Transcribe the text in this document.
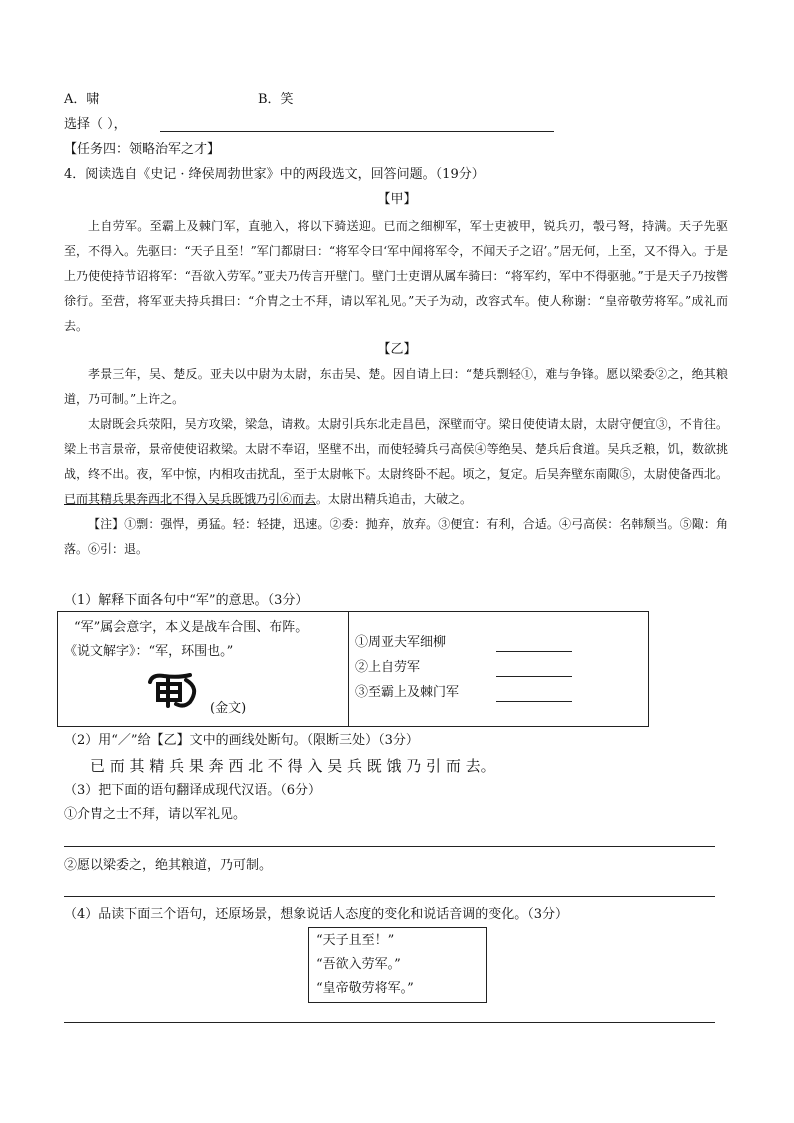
A．啸	B．笑
选择（ ），
【任务四：领略治军之才】
4．阅读选自《史记 · 绛侯周勃世家》中的两段选文，回答问题。（19分）
【甲】

上自劳军。至霸上及棘门军，直驰入，将以下骑送迎。已而之细柳军，军士吏被甲，锐兵刃，彀弓弩，持满。天子先驱至，不得入。先驱曰：“天子且至！”军门都尉曰：“将军令曰‘军中闻将军令，不闻天子之诏’。”居无何，上至，又不得入。于是上乃使使持节诏将军：“吾欲入劳军。”亚夫乃传言开壁门。壁门士吏谓从属车骑曰：“将军约，军中不得驱驰。”于是天子乃按辔徐行。至营，将军亚夫持兵揖曰：“介胄之士不拜，请以军礼见。”天子为动，改容式车。使人称谢：“皇帝敬劳将军。”成礼而去。

【乙】

孝景三年，吴、楚反。亚夫以中尉为太尉，东击吴、楚。因自请上曰：“楚兵剽轻①，难与争锋。愿以梁委②之，绝其粮道，乃可制。”上许之。

太尉既会兵荥阳，吴方攻梁，梁急，请救。太尉引兵东北走昌邑，深壁而守。梁日使使请太尉，太尉守便宜③，不肯往。梁上书言景帝，景帝使使诏救梁。太尉不奉诏，坚壁不出，而使轻骑兵弓高侯④等绝吴、楚兵后食道。吴兵乏粮，饥，数欲挑战，终不出。夜，军中惊，内相攻击扰乱，至于太尉帐下。太尉终卧不起。顷之，复定。后吴奔壁东南陬⑤，太尉使备西北。已而其精兵果奔西北不得入吴兵既饿乃引⑥而去。太尉出精兵追击，大破之。

【注】①剽：强悍，勇猛。轻：轻捷，迅速。②委：抛弃，放弃。③便宜：有利，合适。④弓高侯：名韩颓当。⑤陬：角落。⑥引：退。

（1）解释下面各句中“军”的意思。（3分）
“军”属会意字，本义是战车合围、布阵。
《说文解字》：“军，环围也。”
(金文)
①周亚夫军细柳
②上自劳军
③至霸上及棘门军
（2）用“／”给【乙】文中的画线处断句。（限断三处）（3分）
已 而 其 精 兵 果 奔 西 北 不 得 入 吴 兵 既 饿 乃 引 而 去。
（3）把下面的语句翻译成现代汉语。（6分）
①介胄之士不拜，请以军礼见。
②愿以梁委之，绝其粮道，乃可制。
（4）品读下面三个语句，还原场景，想象说话人态度的变化和说话音调的变化。（3分）
“天子且至！”
“吾欲入劳军。”
“皇帝敬劳将军。”
